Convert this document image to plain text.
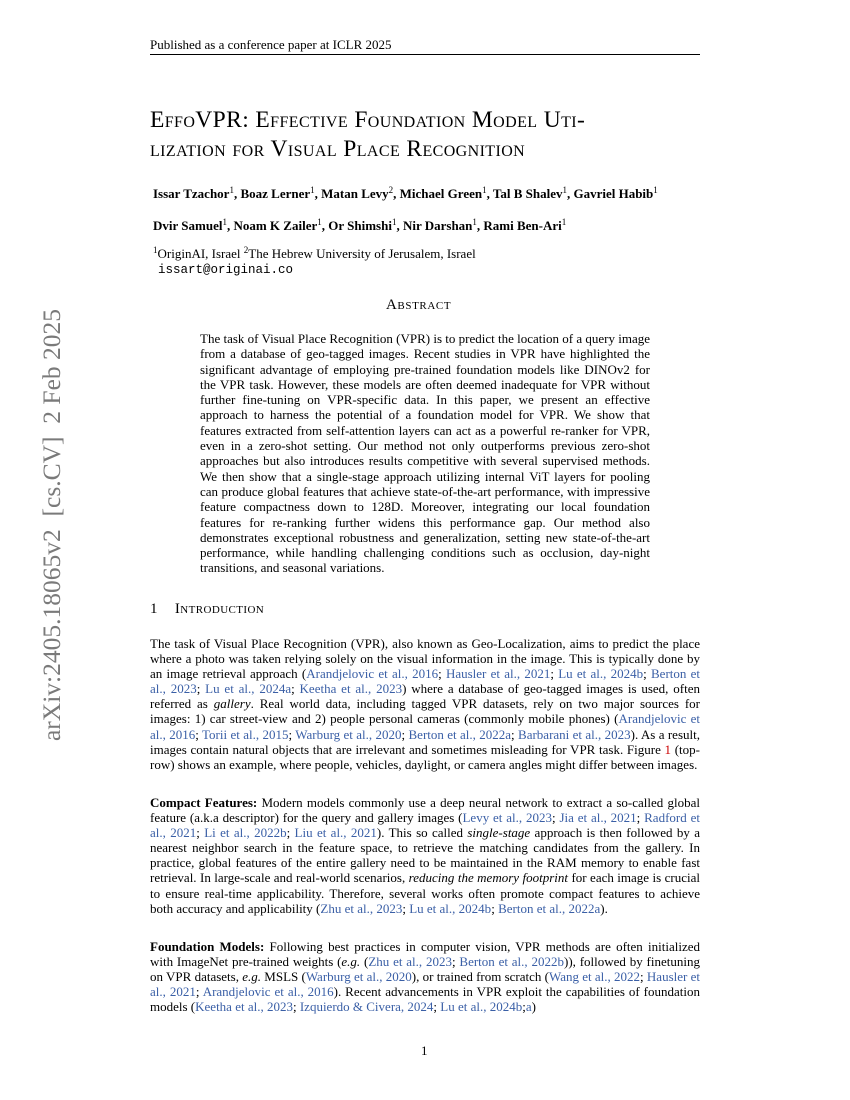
Published as a conference paper at ICLR 2025
arXiv:2405.18065v2  [cs.CV]  2 Feb 2025
EffoVPR: Effective Foundation Model Uti-
lization for Visual Place Recognition
Issar Tzachor$^1$, Boaz Lerner$^1$, Matan Levy$^2$, Michael Green$^1$, Tal B Shalev$^1$, Gavriel Habib$^1$
Dvir Samuel$^1$, Noam K Zailer$^1$, Or Shimshi$^1$, Nir Darshan$^1$, Rami Ben-Ari$^1$
$^1$OriginAI, Israel $^2$The Hebrew University of Jerusalem, Israel
issart@originai.co
Abstract
The task of Visual Place Recognition (VPR) is to predict the location of a query image from a database of geo-tagged images. Recent studies in VPR have highlighted the significant advantage of employing pre-trained foundation models like DINOv2 for the VPR task. However, these models are often deemed inadequate for VPR without further fine-tuning on VPR-specific data. In this paper, we present an effective approach to harness the potential of a foundation model for VPR. We show that features extracted from self-attention layers can act as a powerful re-ranker for VPR, even in a zero-shot setting. Our method not only outperforms previous zero-shot approaches but also introduces results competitive with several supervised methods. We then show that a single-stage approach utilizing internal ViT layers for pooling can produce global features that achieve state-of-the-art performance, with impressive feature compactness down to 128D. Moreover, integrating our local foundation features for re-ranking further widens this performance gap. Our method also demonstrates exceptional robustness and generalization, setting new state-of-the-art performance, while handling challenging conditions such as occlusion, day-night transitions, and seasonal variations.
1 Introduction
The task of Visual Place Recognition (VPR), also known as Geo-Localization, aims to predict the place where a photo was taken relying solely on the visual information in the image. This is typically done by an image retrieval approach (Arandjelovic et al., 2016; Hausler et al., 2021; Lu et al., 2024b; Berton et al., 2023; Lu et al., 2024a; Keetha et al., 2023) where a database of geo-tagged images is used, often referred as gallery. Real world data, including tagged VPR datasets, rely on two major sources for images: 1) car street-view and 2) people personal cameras (commonly mobile phones) (Arandjelovic et al., 2016; Torii et al., 2015; Warburg et al., 2020; Berton et al., 2022a; Barbarani et al., 2023). As a result, images contain natural objects that are irrelevant and sometimes misleading for VPR task. Figure 1 (top-row) shows an example, where people, vehicles, daylight, or camera angles might differ between images.
Compact Features: Modern models commonly use a deep neural network to extract a so-called global feature (a.k.a descriptor) for the query and gallery images (Levy et al., 2023; Jia et al., 2021; Radford et al., 2021; Li et al., 2022b; Liu et al., 2021). This so called single-stage approach is then followed by a nearest neighbor search in the feature space, to retrieve the matching candidates from the gallery. In practice, global features of the entire gallery need to be maintained in the RAM memory to enable fast retrieval. In large-scale and real-world scenarios, reducing the memory footprint for each image is crucial to ensure real-time applicability. Therefore, several works often promote compact features to achieve both accuracy and applicability (Zhu et al., 2023; Lu et al., 2024b; Berton et al., 2022a).
Foundation Models: Following best practices in computer vision, VPR methods are often initialized with ImageNet pre-trained weights (e.g. (Zhu et al., 2023; Berton et al., 2022b)), followed by finetuning on VPR datasets, e.g. MSLS (Warburg et al., 2020), or trained from scratch (Wang et al., 2022; Hausler et al., 2021; Arandjelovic et al., 2016). Recent advancements in VPR exploit the capabilities of foundation models (Keetha et al., 2023; Izquierdo & Civera, 2024; Lu et al., 2024b;a)
1
